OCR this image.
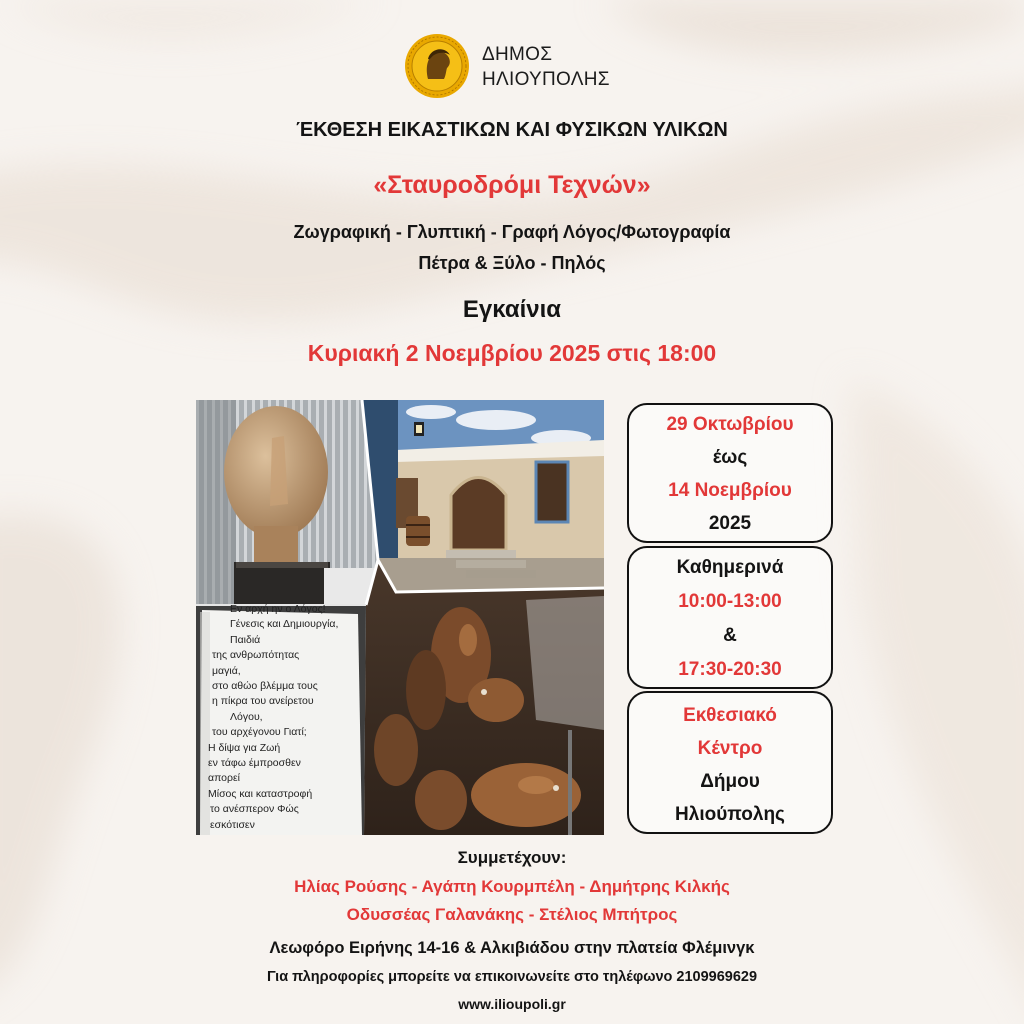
ΔΗΜΟΣ
ΗΛΙΟΥΠΟΛΗΣ
ΈΚΘΕΣΗ ΕΙΚΑΣΤΙΚΩΝ ΚΑΙ ΦΥΣΙΚΩΝ ΥΛΙΚΩΝ
«Σταυροδρόμι Τεχνών»
Ζωγραφική - Γλυπτική - Γραφή Λόγος/Φωτογραφία
Πέτρα & Ξύλο - Πηλός
Εγκαίνια
Κυριακή 2 Νοεμβρίου 2025 στις 18:00
Εν αρχή ην ο Λόγος!
Γένεσις και Δημιουργία,
Παιδιά
της ανθρωπότητας
μαγιά,
στο αθώο βλέμμα τους
η πίκρα του ανείρετου
Λόγου,
του αρχέγονου Γιατί;
Η δίψα για Ζωή
εν τάφω έμπροσθεν
απορεί
Μίσος και καταστροφή
το ανέσπερον Φώς
εσκότισεν
29 Οκτωβρίου
έως
14 Νοεμβρίου
2025
Καθημερινά
10:00-13:00
&
17:30-20:30
Εκθεσιακό
Κέντρο
Δήμου
Ηλιούπολης
Συμμετέχουν:
Ηλίας Ρούσης - Αγάπη Κουρμπέλη - Δημήτρης Κιλκής
Οδυσσέας Γαλανάκης - Στέλιος Μπήτρος
Λεωφόρο Ειρήνης 14-16 & Αλκιβιάδου στην πλατεία Φλέμινγκ
Για πληροφορίες μπορείτε να επικοινωνείτε στο τηλέφωνο 2109969629
www.ilioupoli.gr
